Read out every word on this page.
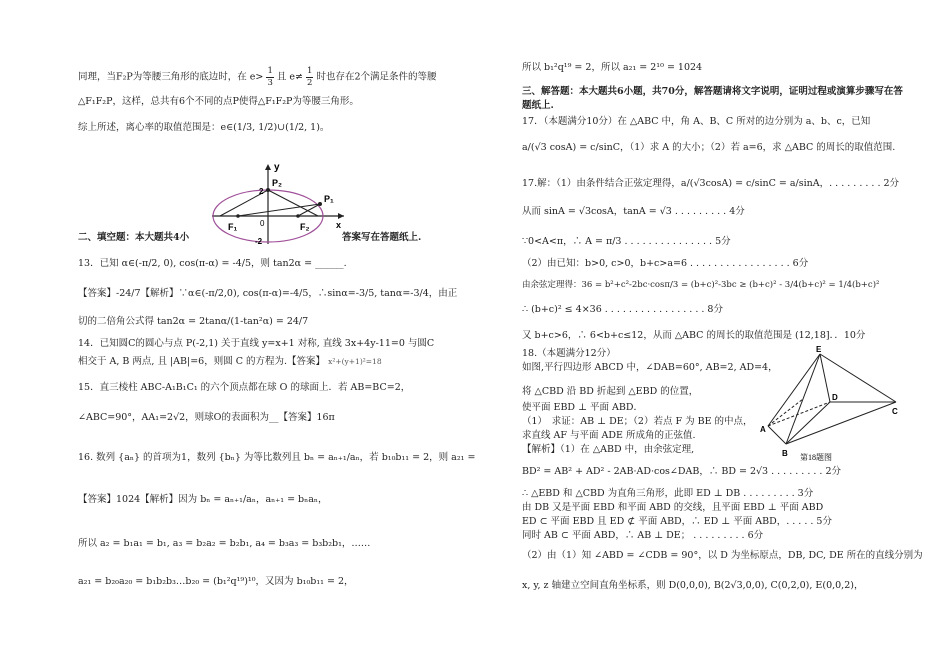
同理，当F₂P为等腰三角形的底边时，在 $e> \frac{1}{3}$ 且 $e\ne \frac{1}{2}$ 时也存在2个满足条件的等腰
△F₁F₂P，这样，总共有6个不同的点P使得△F₁F₂P为等腰三角形。
综上所述，离心率的取值范围是：e∈(1/3, 1/2)∪(1/2, 1)。
y
x
0
P₂
P₁
F₁	F₂
2
-2
二、填空题：本大题共4小	答案写在答题纸上.
13．已知 α∈(-π/2, 0), cos(π-α) = -4/5，则 tan2α = ______.
【答案】-24/7【解析】∵α∈(-π/2,0), cos(π-α)=-4/5，∴sinα=-3/5, tanα=-3/4，由正
切的二倍角公式得 tan2α = 2tanα/(1-tan²α) = 24/7
14．已知圆C的圆心与点 P(-2,1) 关于直线 y=x+1 对称, 直线 3x+4y-11=0 与圆C
相交于 A, B 两点, 且 |AB|=6，则圆 C 的方程为.【答案】 x²+(y+1)²=18
15．直三棱柱 ABC-A₁B₁C₁ 的六个顶点都在球 O 的球面上．若 AB=BC=2，
∠ABC=90°，AA₁=2√2，则球O的表面积为__【答案】16π
16. 数列 {aₙ} 的首项为1，数列 {bₙ} 为等比数列且 bₙ = aₙ₊₁/aₙ，若 b₁₀b₁₁ = 2，则 a₂₁ =
【答案】1024【解析】因为 bₙ = aₙ₊₁/aₙ，aₙ₊₁ = bₙaₙ，
所以 a₂ = b₁a₁ = b₁, a₃ = b₂a₂ = b₂b₁, a₄ = b₃a₃ = b₃b₂b₁，……
a₂₁ = b₂₀a₂₀ = b₁b₂b₃…b₂₀ = (b₁²q¹⁹)¹⁰，又因为 b₁₀b₁₁ = 2，
所以 b₁²q¹⁹ = 2，所以 a₂₁ = 2¹⁰ = 1024
三、解答题：本大题共6小题，共70分，解答题请将文字说明，证明过程或演算步骤写在答
题纸上.
17．（本题满分10分）在 △ABC 中，角 A、B、C 所对的边分别为 a、b、c，已知
a/(√3 cosA) = c/sinC，（1）求 A 的大小；（2）若 a=6，求 △ABC 的周长的取值范围.
17.解：（1）由条件结合正弦定理得，a/(√3cosA) = c/sinC = a/sinA，. . . . . . . . . 2分
从而 sinA = √3cosA，tanA = √3 . . . . . . . . . 4分
∵0<A<π，∴ A = π/3 . . . . . . . . . . . . . . . 5分
（2）由已知：b>0, c>0，b+c>a=6 . . . . . . . . . . . . . . . . . 6分
由余弦定理得：36 = b²+c²-2bc·cosπ/3 = (b+c)²-3bc ≥ (b+c)² - 3/4(b+c)² = 1/4(b+c)²
∴ (b+c)² ≤ 4×36 . . . . . . . . . . . . . . . . . 8分
又 b+c>6，∴ 6<b+c≤12，从而 △ABC 的周长的取值范围是 (12,18]．．10分
18.（本题满分12分）
如图,平行四边形 ABCD 中，∠DAB=60°, AB=2, AD=4，
将 △CBD 沿 BD 折起到 △EBD 的位置，
使平面 EBD ⊥ 平面 ABD．
（1）　求证：AB ⊥ DE；（2）若点 F 为 BE 的中点，
求直线 AF 与平面 ADE 所成角的正弦值.
E
D
B
A
C
第18题图
【解析】（1）在 △ABD 中，由余弦定理,
BD² = AB² + AD² - 2AB·AD·cos∠DAB，∴ BD = 2√3 . . . . . . . . . 2分
∴ △EBD 和 △CBD 为直角三角形，此即 ED ⊥ DB . . . . . . . . . 3分
由 DB 又是平面 EBD 和平面 ABD 的交线，且平面 EBD ⊥ 平面 ABD
ED ⊂ 平面 EBD 且 ED ⊄ 平面 ABD，∴ ED ⊥ 平面 ABD，. . . . . 5分
同时 AB ⊂ 平面 ABD，∴ AB ⊥ DE； . . . . . . . . . 6分
（2）由（1）知 ∠ABD = ∠CDB = 90°，以 D 为坐标原点，DB, DC, DE 所在的直线分别为
x, y, z 轴建立空间直角坐标系，则 D(0,0,0), B(2√3,0,0), C(0,2,0), E(0,0,2)，
